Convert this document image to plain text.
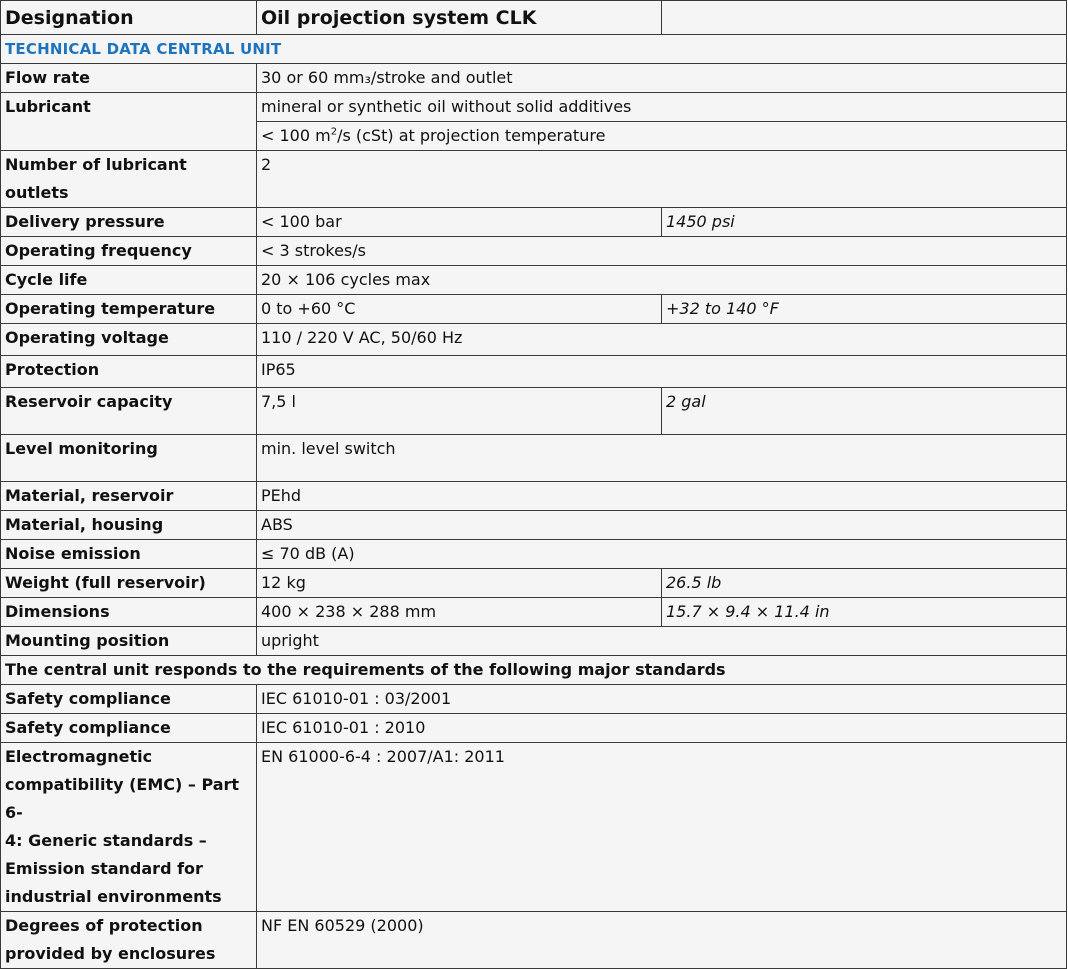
Designation	Oil projection system CLK	
TECHNICAL DATA CENTRAL UNIT		
Flow rate	30 or 60 mm₃/stroke and outlet	
Lubricant	mineral or synthetic oil without solid additives	
	< 100 $m^2/s$ (cSt) at projection temperature	
Number of lubricant outlets	2	
Delivery pressure	< 100 bar	1450 psi
Operating frequency	< 3 strokes/s	
Cycle life	20 × 106 cycles max	
Operating temperature	0 to +60 °C	+32 to 140 °F
Operating voltage	110 / 220 V AC, 50/60 Hz	
Protection	IP65	
Reservoir capacity	7,5 l	2 gal
Level monitoring	min. level switch	
Material, reservoir	PEhd	
Material, housing	ABS	
Noise emission	≤ 70 dB (A)	
Weight (full reservoir)	12 kg	26.5 lb
Dimensions	400 × 238 × 288 mm	15.7 × 9.4 × 11.4 in
Mounting position	upright	
The central unit responds to the requirements of the following major standards		
Safety compliance	IEC 61010-01 : 03/2001	
Safety compliance	IEC 61010-01 : 2010	

Electromagnetic
compatibility (EMC) – Part 6-
4: Generic standards –
Emission standard for
industrial environments	EN 61000-6-4 : 2007/A1: 2011	

Degrees of protection
provided by enclosures	NF EN 60529 (2000)	
